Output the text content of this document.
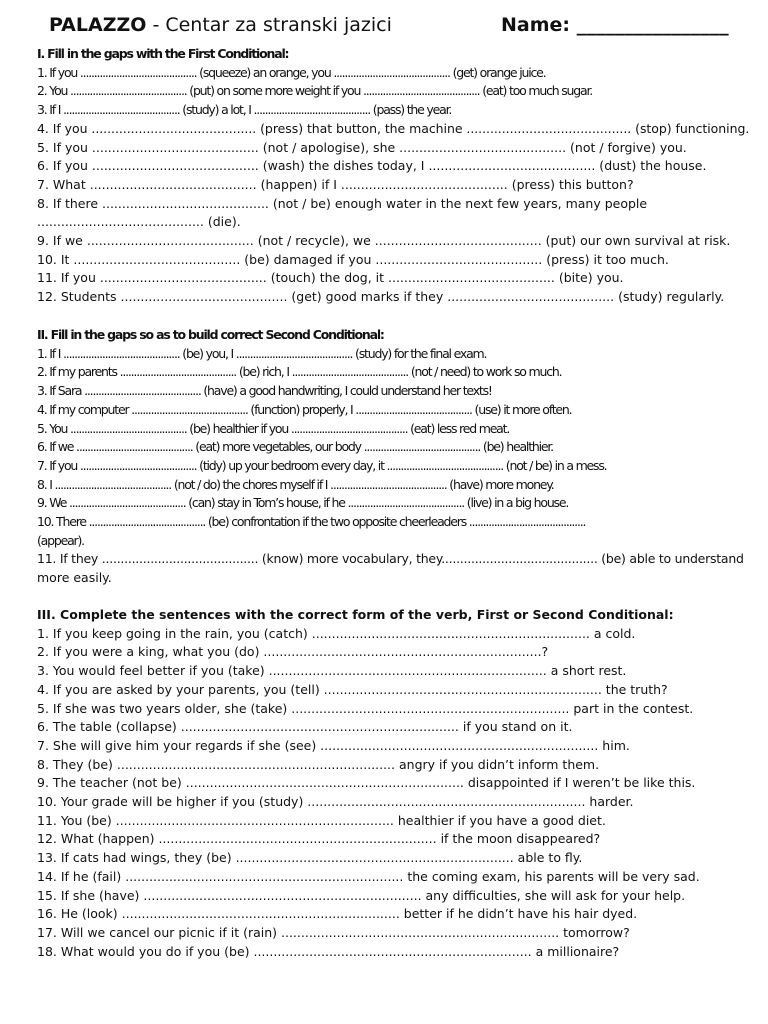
PALAZZO - Centar za stranski jazici	Name: ________________
I. Fill in the gaps with the First Conditional:
1. If you .......................................... (squeeze) an orange, you .......................................... (get) orange juice.
2. You .......................................... (put) on some more weight if you .......................................... (eat) too much sugar.
3. If I .......................................... (study) a lot, I .......................................... (pass) the year.
4. If you .......................................... (press) that button, the machine .......................................... (stop) functioning.
5. If you .......................................... (not / apologise), she .......................................... (not / forgive) you.
6. If you .......................................... (wash) the dishes today, I .......................................... (dust) the house.
7. What .......................................... (happen) if I .......................................... (press) this button?
8. If there .......................................... (not / be) enough water in the next few years, many people
.......................................... (die).
9. If we .......................................... (not / recycle), we .......................................... (put) our own survival at risk.
10. It .......................................... (be) damaged if you .......................................... (press) it too much.
11. If you .......................................... (touch) the dog, it .......................................... (bite) you.
12. Students .......................................... (get) good marks if they .......................................... (study) regularly.
II. Fill in the gaps so as to build correct Second Conditional:
1. If I .......................................... (be) you, I .......................................... (study) for the final exam.
2. If my parents .......................................... (be) rich, I .......................................... (not / need) to work so much.
3. If Sara .......................................... (have) a good handwriting, I could understand her texts!
4. If my computer .......................................... (function) properly, I .......................................... (use) it more often.
5. You .......................................... (be) healthier if you .......................................... (eat) less red meat.
6. If we .......................................... (eat) more vegetables, our body .......................................... (be) healthier.
7. If you .......................................... (tidy) up your bedroom every day, it .......................................... (not / be) in a mess.
8. I .......................................... (not / do) the chores myself if I .......................................... (have) more money.
9. We .......................................... (can) stay in Tom’s house, if he .......................................... (live) in a big house.
10. There .......................................... (be) confrontation if the two opposite cheerleaders ..........................................
(appear).
11. If they .......................................... (know) more vocabulary, they.......................................... (be) able to understand
more easily.
III. Complete the sentences with the correct form of the verb, First or Second Conditional:
1. If you keep going in the rain, you (catch) ...................................................................... a cold.
2. If you were a king, what you (do) ......................................................................?
3. You would feel better if you (take) ...................................................................... a short rest.
4. If you are asked by your parents, you (tell) ...................................................................... the truth?
5. If she was two years older, she (take) ...................................................................... part in the contest.
6. The table (collapse) ...................................................................... if you stand on it.
7. She will give him your regards if she (see) ...................................................................... him.
8. They (be) ...................................................................... angry if you didn’t inform them.
9. The teacher (not be) ...................................................................... disappointed if I weren’t be like this.
10. Your grade will be higher if you (study) ...................................................................... harder.
11. You (be) ...................................................................... healthier if you have a good diet.
12. What (happen) ...................................................................... if the moon disappeared?
13. If cats had wings, they (be) ...................................................................... able to fly.
14. If he (fail) ...................................................................... the coming exam, his parents will be very sad.
15. If she (have) ...................................................................... any difficulties, she will ask for your help.
16. He (look) ...................................................................... better if he didn’t have his hair dyed.
17. Will we cancel our picnic if it (rain) ...................................................................... tomorrow?
18. What would you do if you (be) ...................................................................... a millionaire?
